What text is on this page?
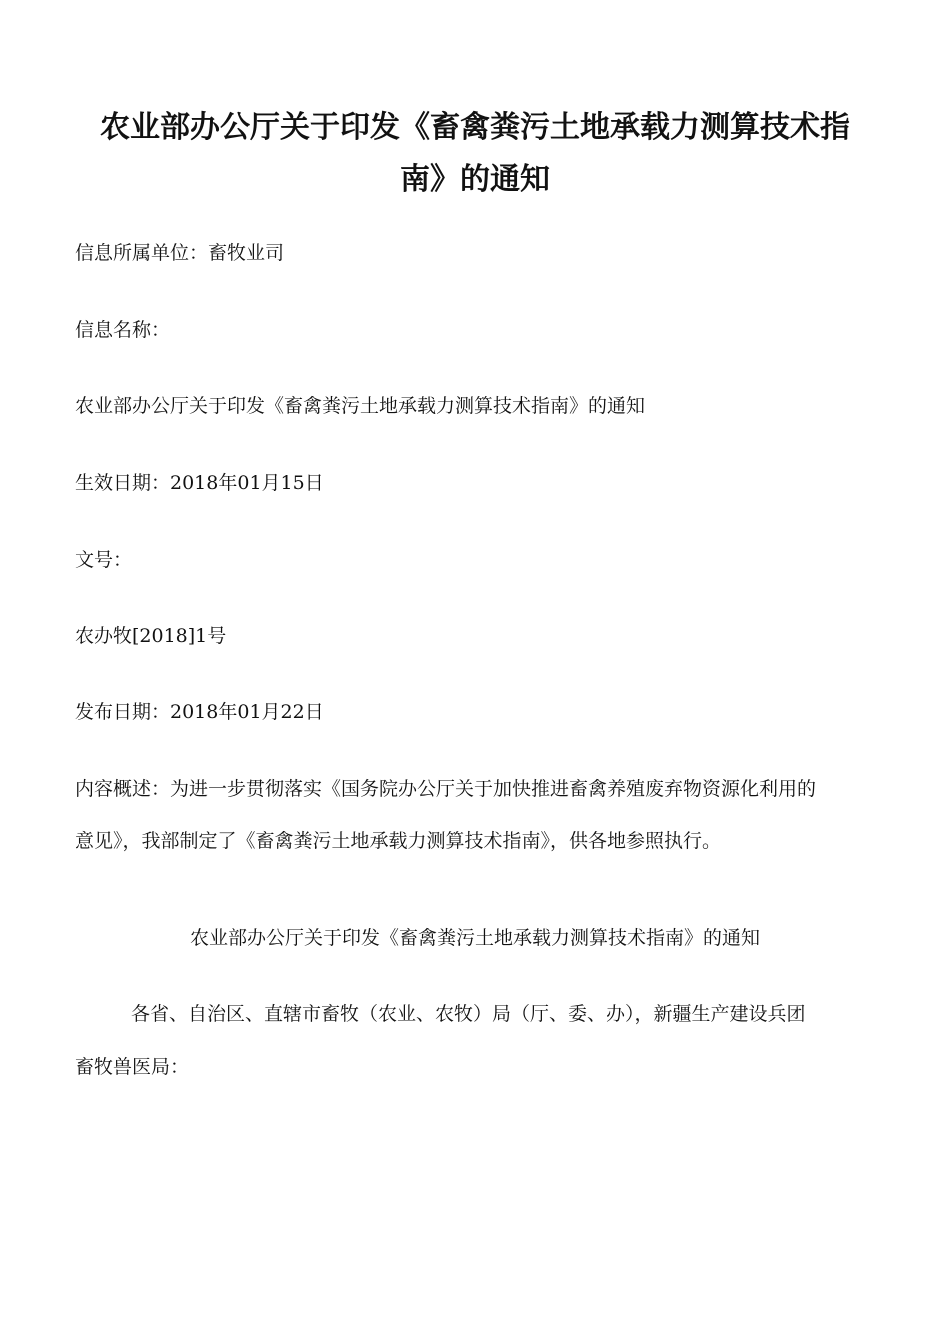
农业部办公厅关于印发《畜禽粪污土地承载力测算技术指
南》的通知
信息所属单位：畜牧业司
信息名称：
农业部办公厅关于印发《畜禽粪污土地承载力测算技术指南》的通知
生效日期：2018年01月15日
文号：
农办牧[2018]1号
发布日期：2018年01月22日
内容概述：为进一步贯彻落实《国务院办公厅关于加快推进畜禽养殖废弃物资源化利用的
意见》，我部制定了《畜禽粪污土地承载力测算技术指南》，供各地参照执行。
农业部办公厅关于印发《畜禽粪污土地承载力测算技术指南》的通知
各省、自治区、直辖市畜牧（农业、农牧）局（厅、委、办），新疆生产建设兵团
畜牧兽医局：
